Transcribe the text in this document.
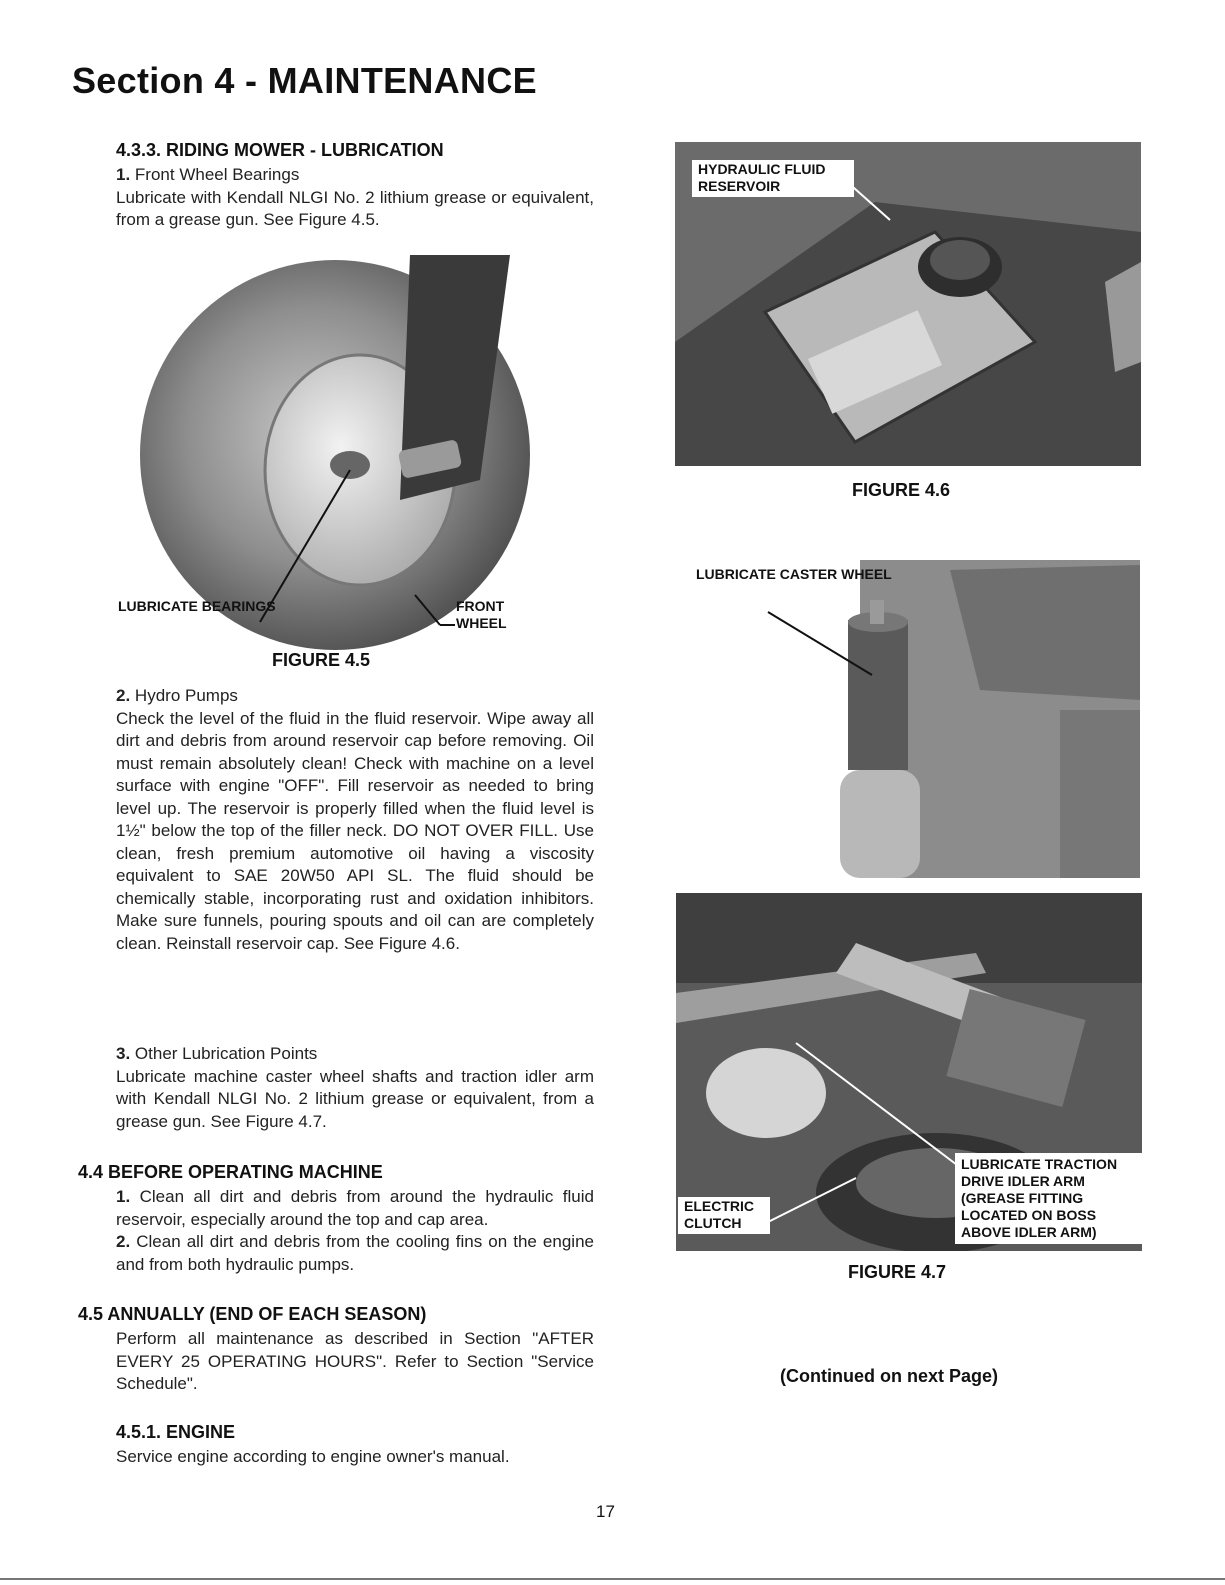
Section 4 - MAINTENANCE
4.3.3. RIDING MOWER - LUBRICATION
1. Front Wheel Bearings
Lubricate with Kendall NLGI No. 2 lithium grease or equivalent, from a grease gun. See Figure 4.5.
LUBRICATE BEARINGS	FRONT WHEEL
FIGURE 4.5
2. Hydro Pumps
Check the level of the fluid in the fluid reservoir. Wipe away all dirt and debris from around reservoir cap before removing. Oil must remain absolutely clean! Check with machine on a level surface with engine "OFF". Fill reservoir as needed to bring level up. The reservoir is properly filled when the fluid level is 1½" below the top of the filler neck. DO NOT OVER FILL. Use clean, fresh premium automotive oil having a viscosity equivalent to SAE 20W50 API SL. The fluid should be chemically stable, incorporating rust and oxidation inhibitors. Make sure funnels, pouring spouts and oil can are completely clean. Reinstall reservoir cap. See Figure 4.6.
3. Other Lubrication Points
Lubricate machine caster wheel shafts and traction idler arm with Kendall NLGI No. 2 lithium grease or equivalent, from a grease gun. See Figure 4.7.
4.4 BEFORE OPERATING MACHINE
1. Clean all dirt and debris from around the hydraulic fluid reservoir, especially around the top and cap area.
2. Clean all dirt and debris from the cooling fins on the engine and from both hydraulic pumps.
4.5 ANNUALLY (END OF EACH SEASON)
Perform all maintenance as described in Section "AFTER EVERY 25 OPERATING HOURS". Refer to Section "Service Schedule".
4.5.1. ENGINE
Service engine according to engine owner's manual.
HYDRAULIC FLUID RESERVOIR
FIGURE 4.6
LUBRICATE CASTER WHEEL
ELECTRIC CLUTCH
LUBRICATE TRACTION DRIVE IDLER ARM (GREASE FITTING LOCATED ON BOSS ABOVE IDLER ARM)
FIGURE 4.7
(Continued on next Page)
17
